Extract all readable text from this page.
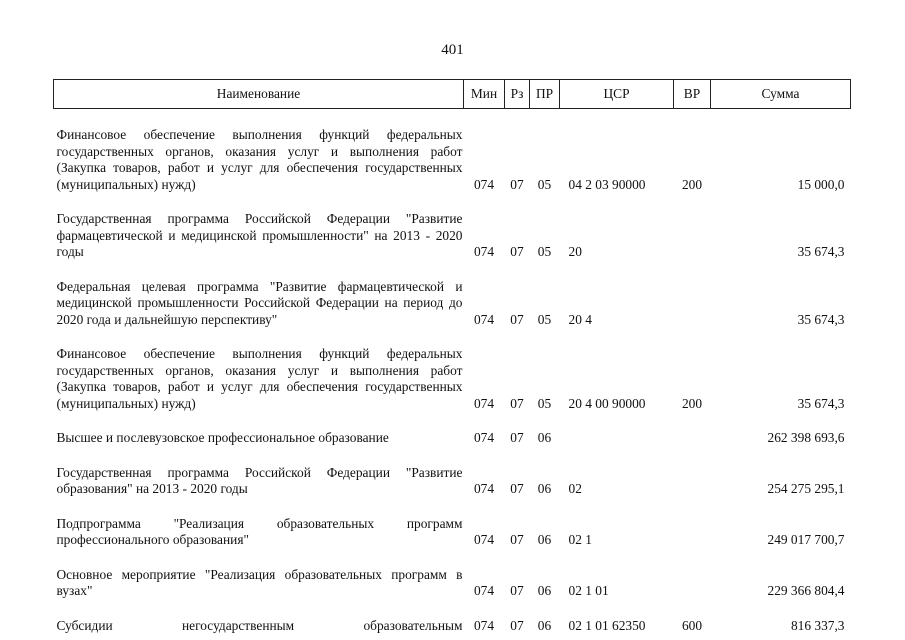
401
Наименование	Мин	Рз	ПР	ЦСР	ВР	Сумма

Финансовое обеспечение выполнения функций федеральных государственных органов, оказания услуг и выполнения работ (Закупка товаров, работ и услуг для обеспечения государственных (муниципальных) нужд)	074	07	05	04 2 03 90000	200	15 000,0

Государственная программа Российской Федерации "Развитие фармацевтической и медицинской промышленности" на 2013 - 2020 годы	074	07	05	20		35 674,3

Федеральная целевая программа "Развитие фармацевтической и медицинской промышленности Российской Федерации на период до 2020 года и дальнейшую перспективу"	074	07	05	20 4		35 674,3

Финансовое обеспечение выполнения функций федеральных государственных органов, оказания услуг и выполнения работ (Закупка товаров, работ и услуг для обеспечения государственных (муниципальных) нужд)	074	07	05	20 4 00 90000	200	35 674,3

Высшее и послевузовское профессиональное образование	074	07	06			262 398 693,6

Государственная программа Российской Федерации "Развитие образования" на 2013 - 2020 годы	074	07	06	02		254 275 295,1

Подпрограмма "Реализация образовательных программ профессионального образования"	074	07	06	02 1		249 017 700,7

Основное мероприятие "Реализация образовательных программ в вузах"	074	07	06	02 1 01		229 366 804,4

Субсидии негосударственным образовательным	074	07	06	02 1 01 62350	600	816 337,3
